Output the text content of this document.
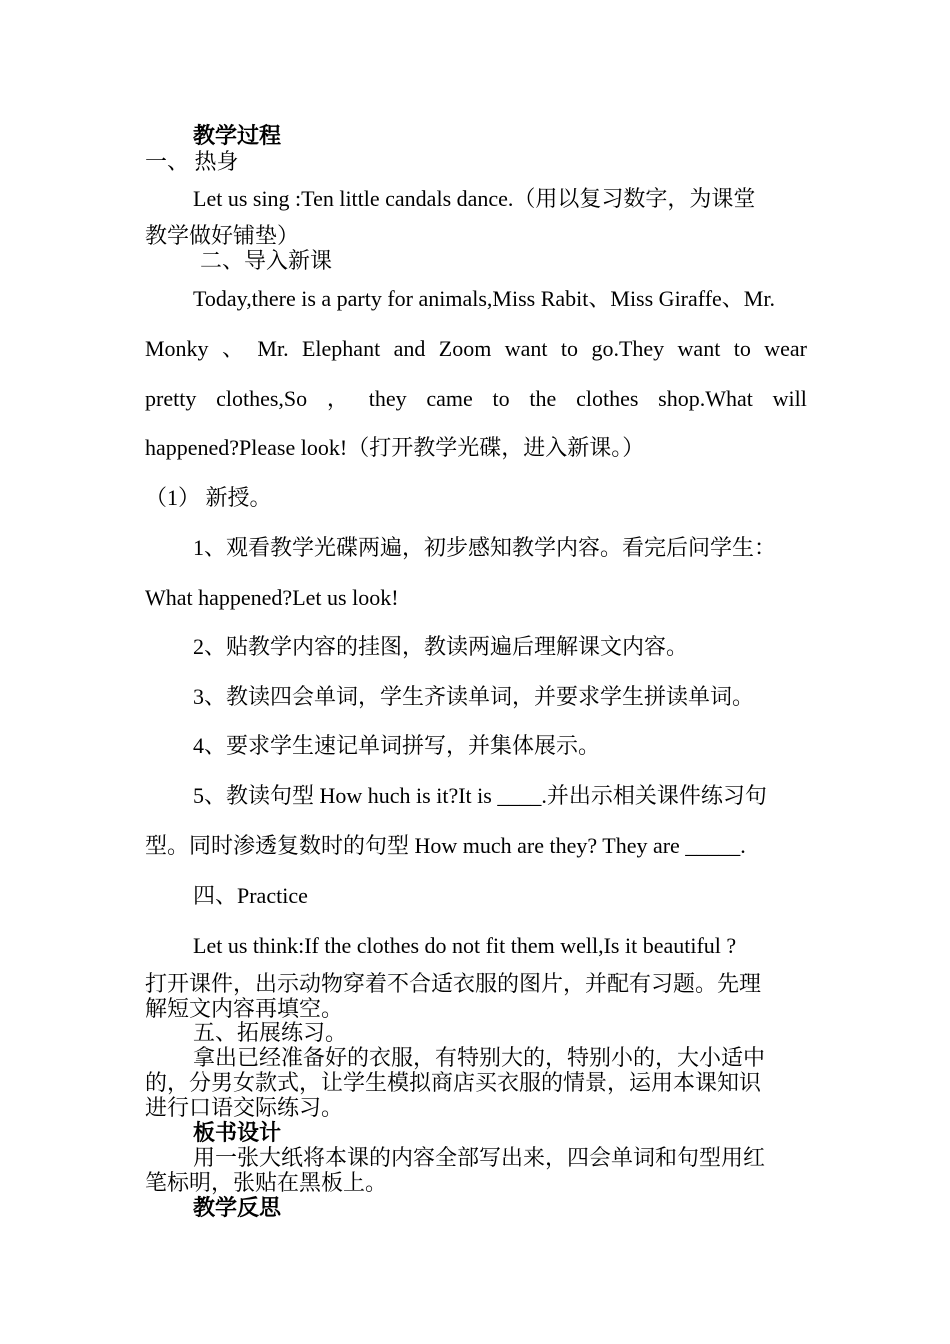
教学过程
一、 热身
Let us sing :Ten little candals dance.（用以复习数字，为课堂
教学做好铺垫）
二、导入新课
Today,there is a party for animals,Miss Rabit、Miss Giraffe、Mr.
Monky 、 Mr. Elephant and Zoom want to go.They want to wear
pretty clothes,So ， they came to the clothes shop.What will
happened?Please look!（打开教学光碟，进入新课。）
（1） 新授。
1、观看教学光碟两遍，初步感知教学内容。看完后问学生：
What happened?Let us look!
2、贴教学内容的挂图，教读两遍后理解课文内容。
3、教读四会单词，学生齐读单词，并要求学生拼读单词。
4、要求学生速记单词拼写，并集体展示。
5、教读句型 How huch is it?It is ____.并出示相关课件练习句
型。同时渗透复数时的句型 How much are they? They are _____.
四、Practice
Let us think:If the clothes do not fit them well,Is it beautiful ?
打开课件，出示动物穿着不合适衣服的图片，并配有习题。先理
解短文内容再填空。
五、拓展练习。
拿出已经准备好的衣服，有特别大的，特别小的，大小适中
的，分男女款式，让学生模拟商店买衣服的情景，运用本课知识
进行口语交际练习。
板书设计
用一张大纸将本课的内容全部写出来，四会单词和句型用红
笔标明，张贴在黑板上。
教学反思
